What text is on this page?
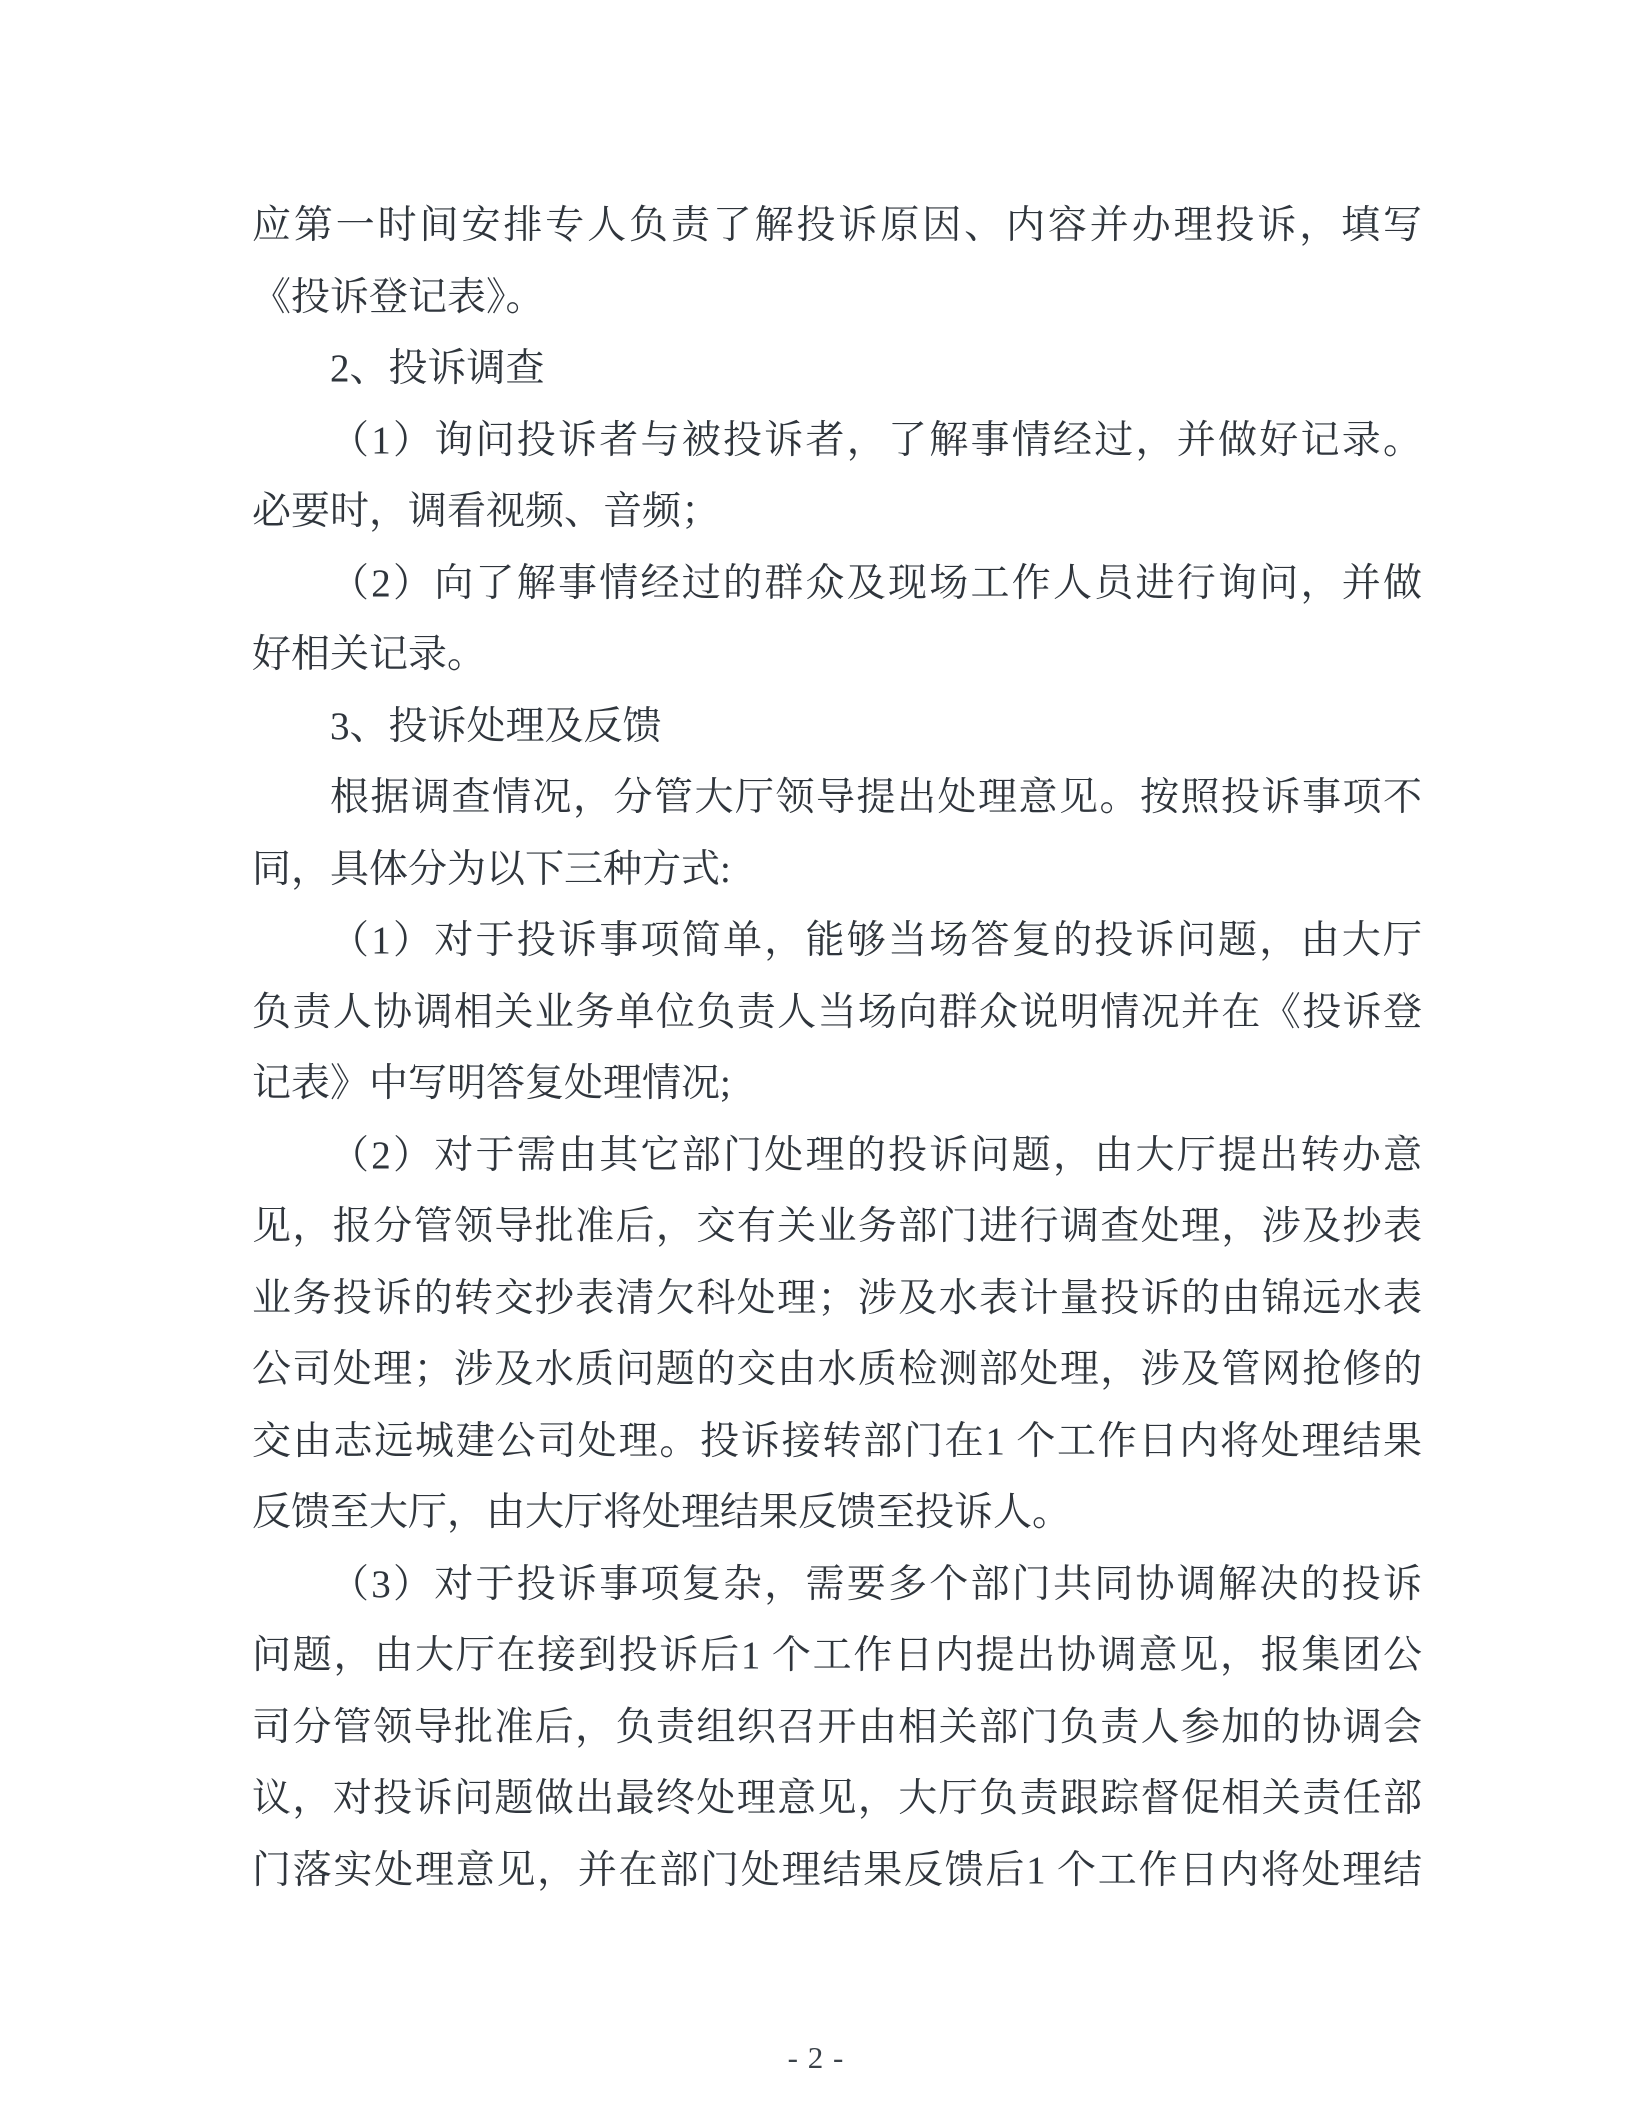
应第一时间安排专人负责了解投诉原因、内容并办理投诉，填写
《投诉登记表》。
2、投诉调查
（1）询问投诉者与被投诉者，了解事情经过，并做好记录。
必要时，调看视频、音频；
（2）向了解事情经过的群众及现场工作人员进行询问，并做
好相关记录。
3、投诉处理及反馈
根据调查情况，分管大厅领导提出处理意见。按照投诉事项不
同，具体分为以下三种方式:
（1）对于投诉事项简单，能够当场答复的投诉问题，由大厅
负责人协调相关业务单位负责人当场向群众说明情况并在《投诉登
记表》中写明答复处理情况;
（2）对于需由其它部门处理的投诉问题，由大厅提出转办意
见，报分管领导批准后，交有关业务部门进行调查处理，涉及抄表
业务投诉的转交抄表清欠科处理；涉及水表计量投诉的由锦远水表
公司处理；涉及水质问题的交由水质检测部处理，涉及管网抢修的
交由志远城建公司处理。投诉接转部门在1 个工作日内将处理结果
反馈至大厅，由大厅将处理结果反馈至投诉人。
（3）对于投诉事项复杂，需要多个部门共同协调解决的投诉
问题，由大厅在接到投诉后1 个工作日内提出协调意见，报集团公
司分管领导批准后，负责组织召开由相关部门负责人参加的协调会
议，对投诉问题做出最终处理意见，大厅负责跟踪督促相关责任部
门落实处理意见，并在部门处理结果反馈后1 个工作日内将处理结
- 2 -
